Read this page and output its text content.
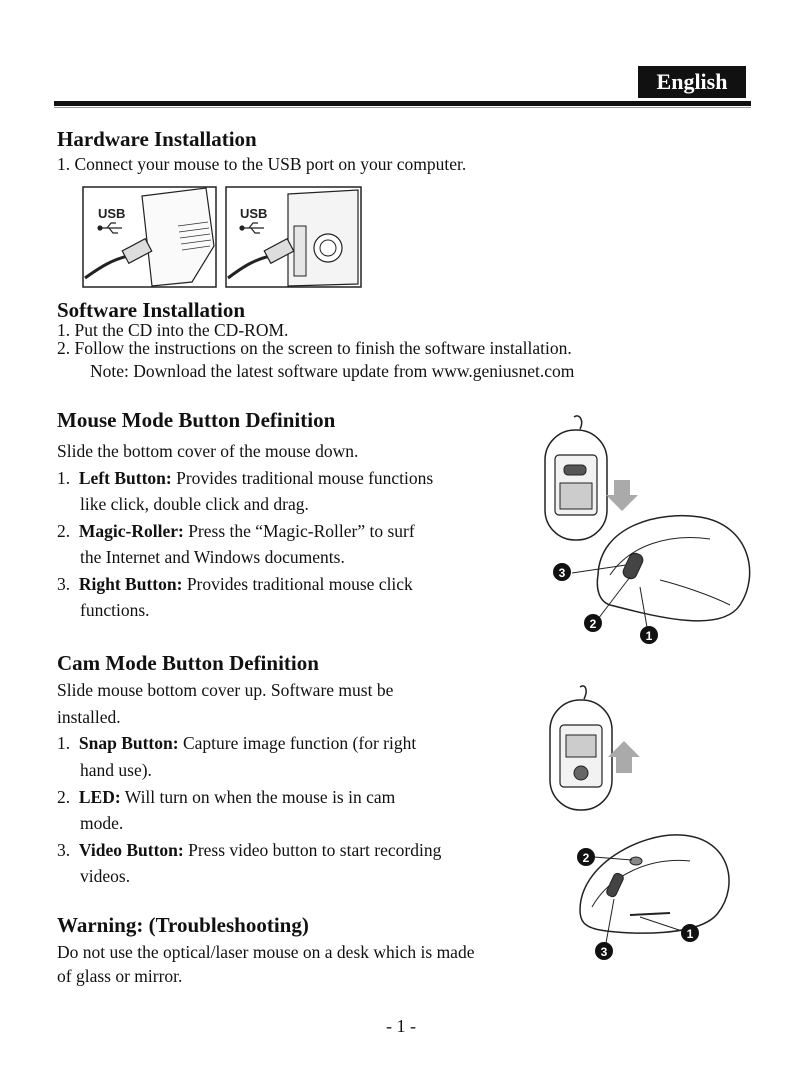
English
Hardware Installation

1. Connect your mouse to the USB port on your computer.

USB	USB
Software Installation

1. Put the CD into the CD-ROM.

2. Follow the instructions on the screen to finish the software installation.

Note: Download the latest software update from www.geniusnet.com

Mouse Mode Button Definition

Slide the bottom cover of the mouse down.

1. Left Button: Provides traditional mouse functions

like click, double click and drag.

2. Magic-Roller: Press the “Magic-Roller” to surf

the Internet and Windows documents.

3. Right Button: Provides traditional mouse click

functions.

3
2
1
Cam Mode Button Definition

Slide mouse bottom cover up. Software must be

installed.

1. Snap Button: Capture image function (for right

hand use).

2. LED: Will turn on when the mouse is in cam

mode.

3. Video Button: Press video button to start recording

videos.

2
1
3
Warning: (Troubleshooting)

Do not use the optical/laser mouse on a desk which is made

of glass or mirror.

- 1 -
